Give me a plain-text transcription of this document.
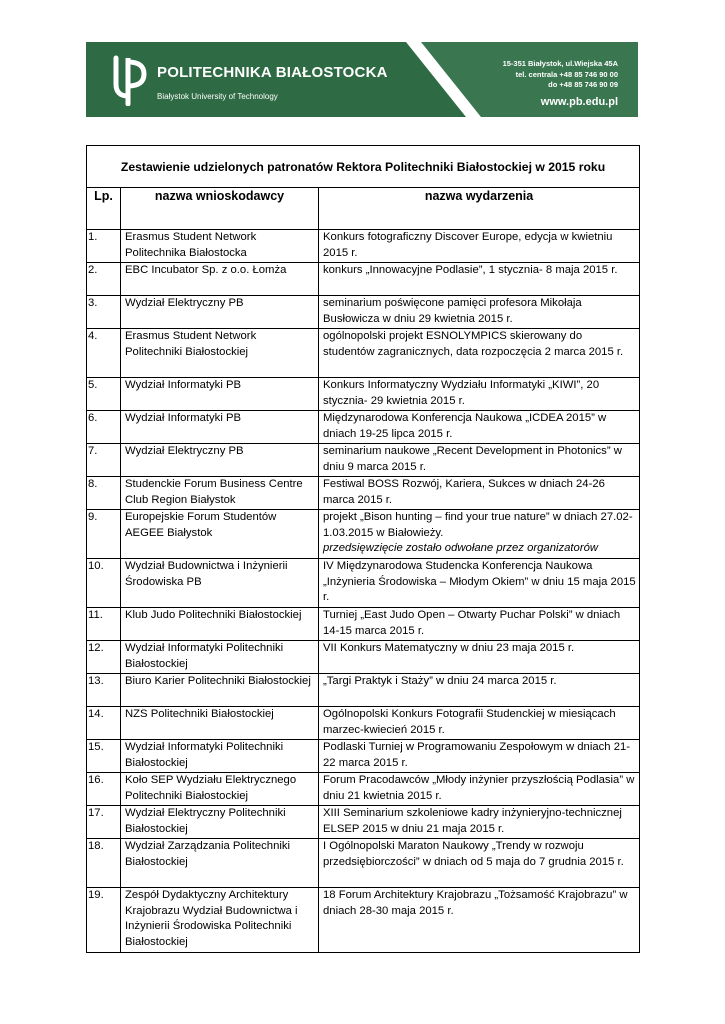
POLITECHNIKA BIAŁOSTOCKA
Białystok University of Technology
15-351 Białystok, ul.Wiejska 45A
tel. centrala +48 85 746 90 00
do +48 85 746 90 09
www.pb.edu.pl
Zestawienie udzielonych patronatów Rektora Politechniki Białostockiej w 2015 roku		
Lp.	nazwa wnioskodawcy	nazwa wydarzenia
1.	Erasmus Student Network Politechnika Białostocka	Konkurs fotograficzny Discover Europe, edycja w kwietniu 2015 r.
2.	EBC Incubator Sp. z o.o. Łomża	konkurs „Innowacyjne Podlasie”, 1 stycznia- 8 maja 2015 r.
3.	Wydział Elektryczny PB	seminarium poświęcone pamięci profesora Mikołaja Busłowicza w dniu 29 kwietnia 2015 r.
4.	Erasmus Student Network Politechniki Białostockiej	ogólnopolski projekt ESNOLYMPICS skierowany do studentów zagranicznych, data rozpoczęcia 2 marca 2015 r.
5.	Wydział Informatyki PB	Konkurs Informatyczny Wydziału Informatyki „KIWI”, 20 stycznia- 29 kwietnia 2015 r.
6.	Wydział Informatyki PB	Międzynarodowa Konferencja Naukowa „ICDEA 2015” w dniach 19-25 lipca 2015 r.
7.	Wydział Elektryczny PB	seminarium naukowe „Recent Development in Photonics” w dniu 9 marca 2015 r.
8.	Studenckie Forum Business Centre Club Region Białystok	Festiwal BOSS Rozwój, Kariera, Sukces w dniach 24-26 marca 2015 r.
9.	Europejskie Forum Studentów AEGEE Białystok	projekt „Bison hunting – find your true nature” w dniach 27.02-1.03.2015 w Białowieży.
przedsięwzięcie zostało odwołane przez organizatorów

10.	Wydział Budownictwa i Inżynierii Środowiska PB	IV Międzynarodowa Studencka Konferencja Naukowa „Inżynieria Środowiska – Młodym Okiem” w dniu 15 maja 2015 r.
11.	Klub Judo Politechniki Białostockiej	Turniej „East Judo Open – Otwarty Puchar Polski” w dniach 14-15 marca 2015 r.
12.	Wydział Informatyki Politechniki Białostockiej	VII Konkurs Matematyczny w dniu 23 maja 2015 r.
13.	Biuro Karier Politechniki Białostockiej	„Targi Praktyk i Staży” w dniu 24 marca 2015 r.
14.	NZS Politechniki Białostockiej	Ogólnopolski Konkurs Fotografii Studenckiej w miesiącach marzec-kwiecień 2015 r.
15.	Wydział Informatyki Politechniki Białostockiej	Podlaski Turniej w Programowaniu Zespołowym w dniach 21-22 marca 2015 r.
16.	Koło SEP Wydziału Elektrycznego Politechniki Białostockiej	Forum Pracodawców „Młody inżynier przyszłością Podlasia” w dniu 21 kwietnia 2015 r.
17.	Wydział Elektryczny Politechniki Białostockiej	XIII Seminarium szkoleniowe kadry inżynieryjno-technicznej ELSEP 2015 w dniu 21 maja 2015 r.
18.	Wydział Zarządzania Politechniki Białostockiej	I Ogólnopolski Maraton Naukowy „Trendy w rozwoju przedsiębiorczości” w dniach od 5 maja do 7 grudnia 2015 r.
19.	Zespół Dydaktyczny Architektury Krajobrazu Wydział Budownictwa i Inżynierii Środowiska Politechniki Białostockiej	18 Forum Architektury Krajobrazu „Tożsamość Krajobrazu” w dniach 28-30 maja 2015 r.
